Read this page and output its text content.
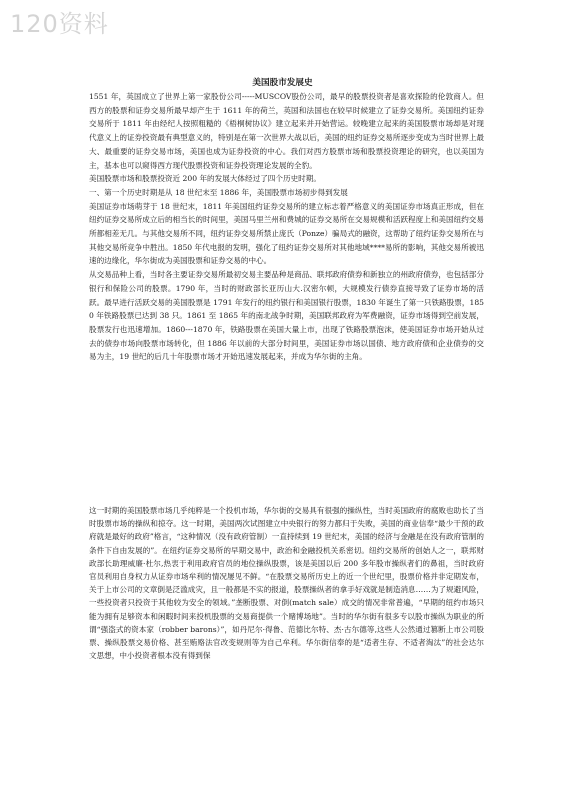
120资料
美国股市发展史

1551 年，英国成立了世界上第一家股份公司-----MUSCOV股份公司，最早的股票投资者是喜欢探险的伦敦商人。但西方的股票和证券交易所最早却产生于 1611 年的荷兰，英国和法国也在较早时候建立了证券交易所。美国纽约证券交易所于 1811 年由经纪人按照粗糙的《梧桐树协议》建立起来并开始营运。较晚建立起来的美国股票市场却是对现代意义上的证券投资最有典型意义的，特别是在第一次世界大战以后，美国的纽约证券交易所逐步变成为当时世界上最大、最重要的证券交易市场，美国也成为证券投资的中心。我们对西方股票市场和股票投资理论的研究，也以美国为主，基本也可以窥得西方现代股票投资和证券投资理论发展的全豹。

美国股票市场和股票投资近 200 年的发展大体经过了四个历史时期。

一、第一个历史时期是从 18 世纪末至 1886 年，美国股票市场初步得到发展

美国证券市场萌芽于 18 世纪末，1811 年美国纽约证券交易所的建立标志着严格意义的美国证券市场真正形成，但在纽约证券交易所成立后的相当长的时间里，美国马里兰州和费城的证券交易所在交易规模和活跃程度上和美国纽约交易所都相差无几。与其他交易所不同，纽约证券交易所禁止庞氏（Ponze）骗局式的融资，这帮助了纽约证券交易所在与其他交易所竞争中胜出。1850 年代电报的发明，强化了纽约证券交易所对其他地域****易所的影响，其他交易所被迅速的边缘化，华尔街成为美国股票和证券交易的中心。

从交易品种上看，当时各主要证券交易所最初交易主要品种是商品、联邦政府债券和新独立的州政府债券，也包括部分银行和保险公司的股票。1790 年，当时的财政部长亚历山大.汉密尔顿，大规模发行债券直接导致了证券市场的活跃。最早进行活跃交易的美国股票是 1791 年发行的纽约银行和美国银行股票，1830 年诞生了第一只铁路股票，1850 年铁路股票已达到 38 只。1861 至 1865 年的南北战争时期，美国联邦政府为军费融资，证券市场得到空前发展，股票发行也迅速增加。1860---1870 年，铁路股票在美国大量上市，出现了铁路股票泡沫，使美国证券市场开始从过去的债券市场向股票市场转化，但 1886 年以前的大部分时间里，美国证券市场以国债、地方政府债和企业债券的交易为主，19 世纪的后几十年股票市场才开始迅速发展起来，并成为华尔街的主角。

这一时期的美国股票市场几乎纯粹是一个投机市场，华尔街的交易具有很强的操纵性，当时美国政府的腐败也助长了当时股票市场的操纵和掠夺。这一时期，美国两次试图建立中央银行的努力都归于失败，美国的商业信奉“最少干预的政府就是最好的政府”格言，“这种情况（没有政府管制）一直持续到 19 世纪末，美国的经济与金融是在没有政府管制的条件下自由发展的”。在纽约证券交易所的早期交易中，政治和金融投机关系密切。纽约交易所的创始人之一，联邦财政部长助理威廉·杜尔,热衷于利用政府官员的地位操纵股票，该是美国以后 200 多年股市操纵者们的鼻祖，当时政府官员利用自身权力从证券市场牟利的情况屡见不鲜。“在股票交易所历史上的近一个世纪里，股票价格并非定期发布，关于上市公司的文章倒是泛滥成灾，且一般都是不实的报道，股票操纵者的拿手好戏就是制造消息……为了规避风险，一些投资者只投资于其他较为安全的领域。”垄断股票、对倒(match sale）成交的情况非常普遍，“早期的纽约市场只能为拥有足够资本和闲暇时间来投机股票的交易商提供一个赌博场地”。当时的华尔街有很多专以股市操纵为职业的所谓“强盗式的资本家（robber barons）”，如丹尼尔·得鲁、范德比尔特、杰·古尔德等,这些人公然通过篡断上市公司股票、操纵股票交易价格、甚至贿赂法官改变规则等为自己牟利。华尔街信奉的是“适者生存、不适者淘汰”的社会达尔文思想，中小投资者根本没有得到保
